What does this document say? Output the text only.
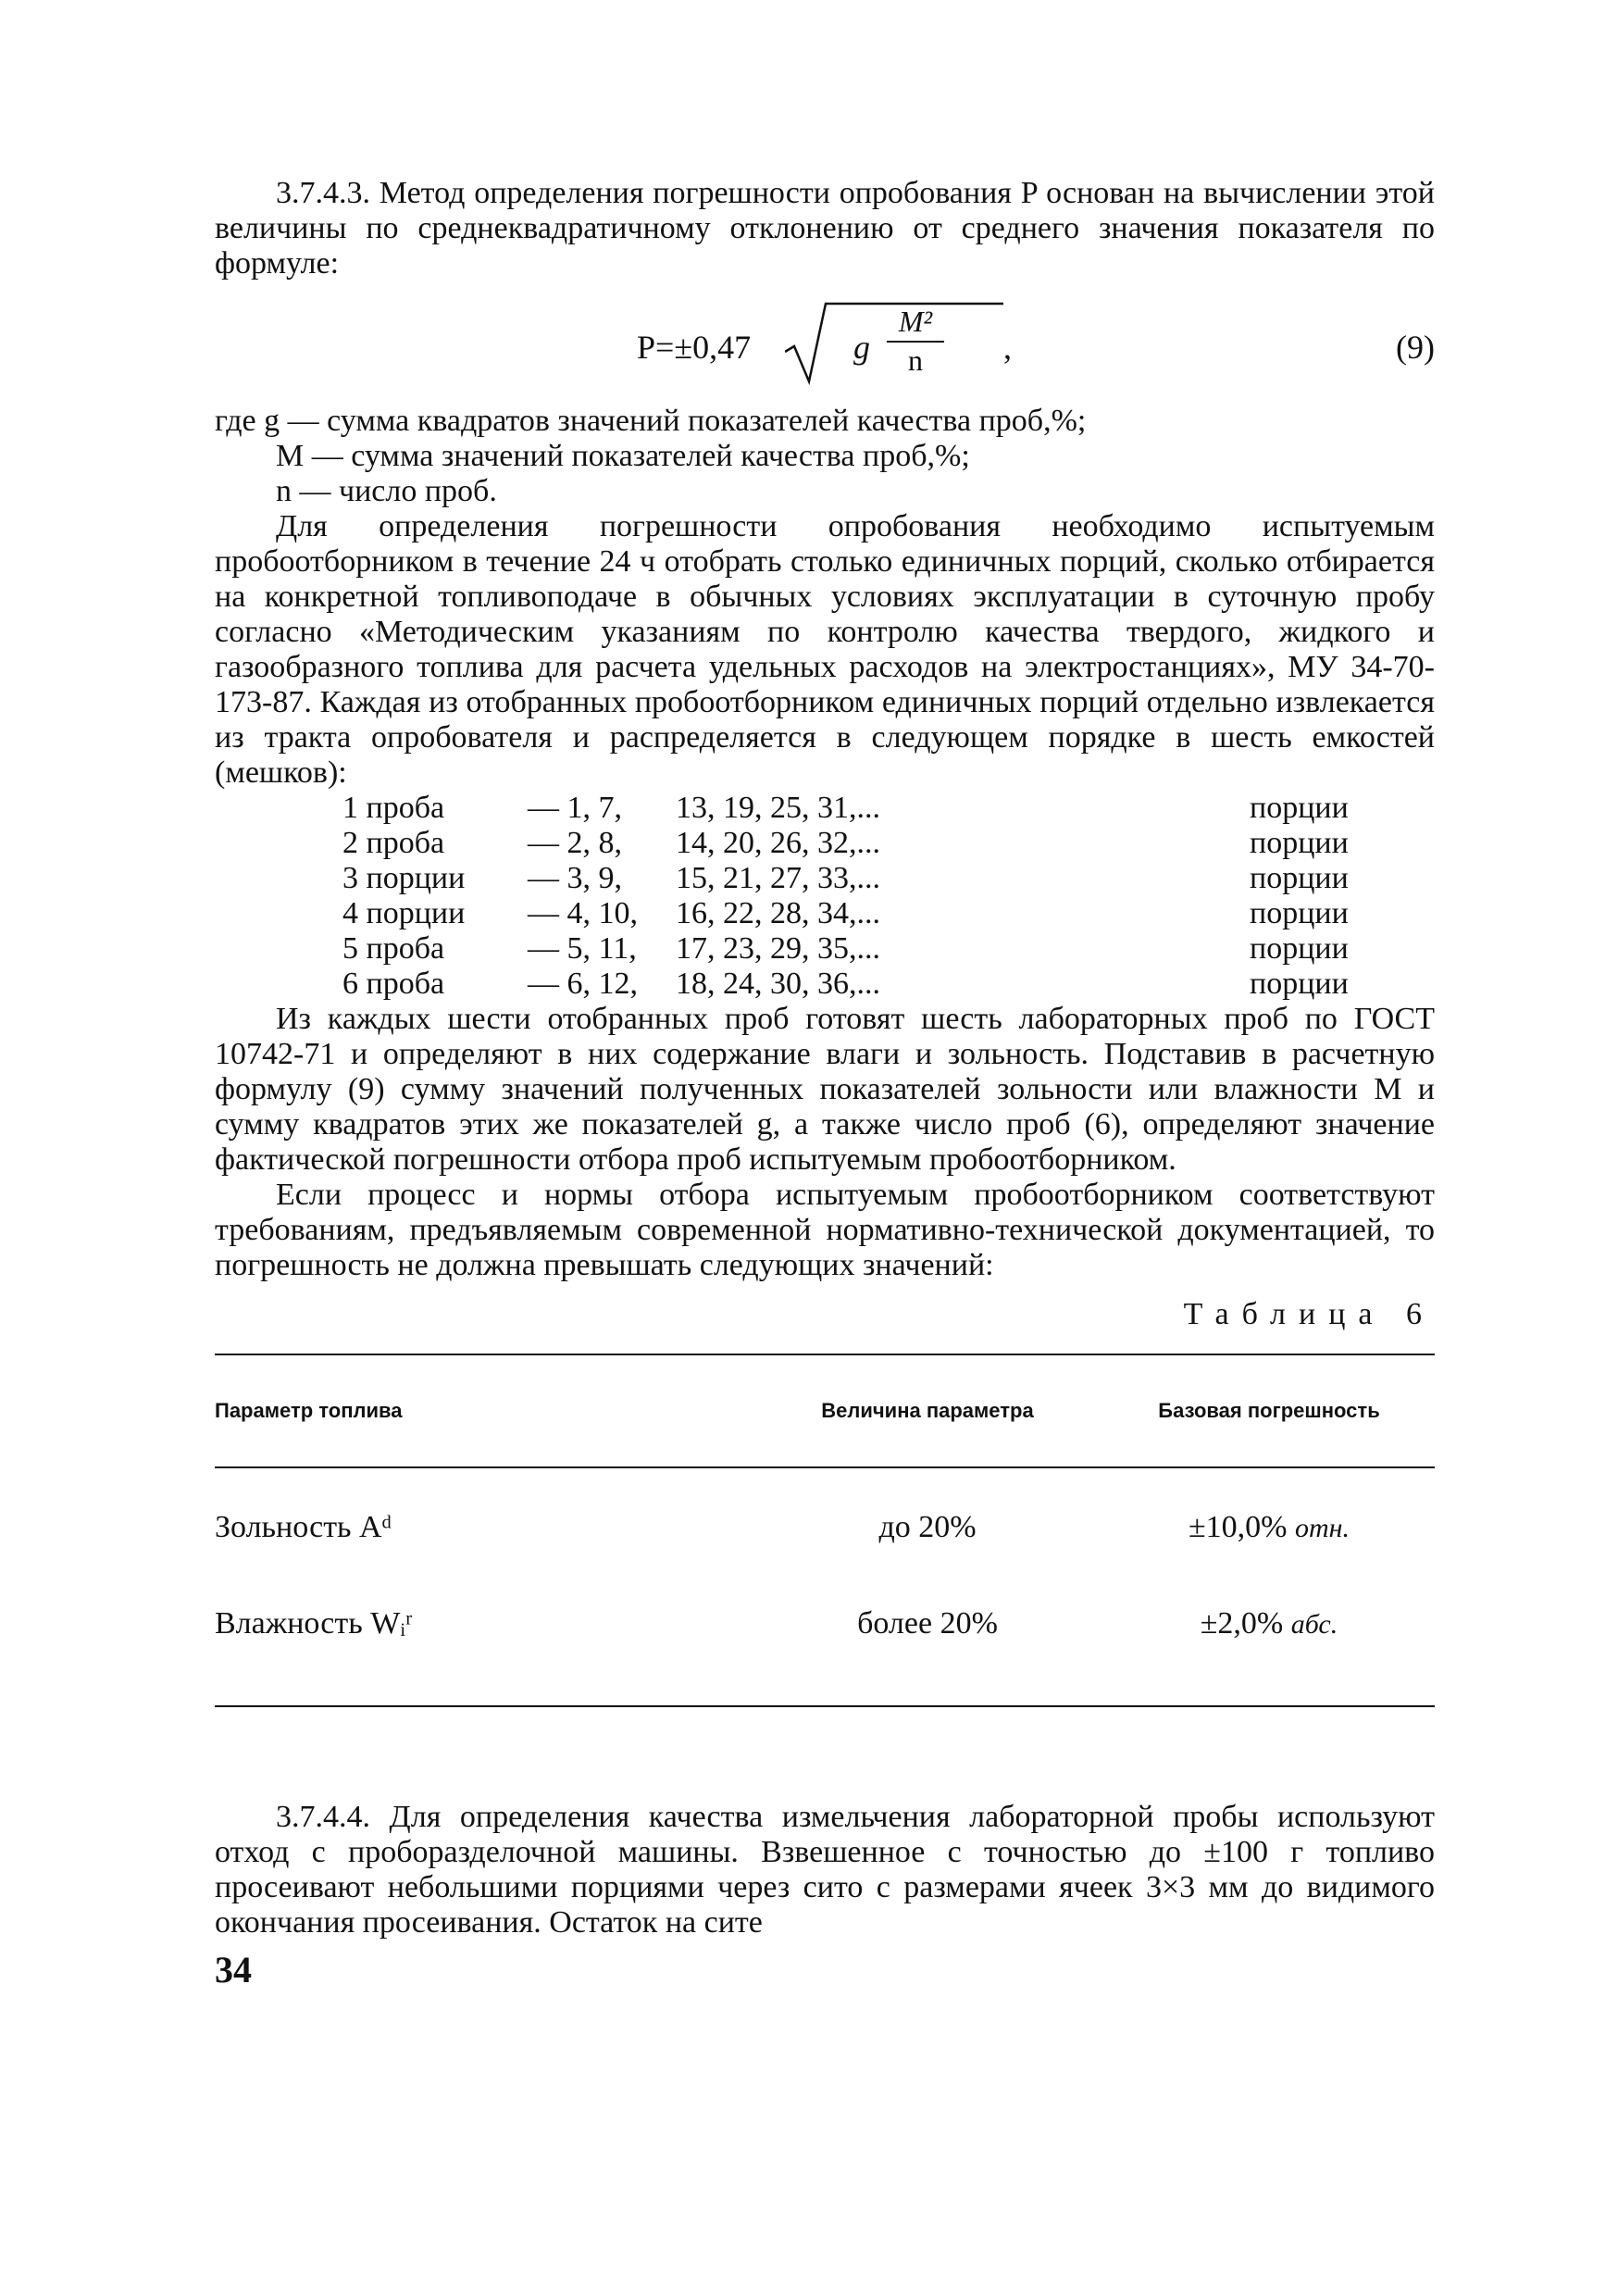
3.7.4.3. Метод определения погрешности опробования P основан на вычислении этой величины по среднеквадратичному отклонению от среднего значения показателя по формуле:

P=±0,47	g
M²
n	,	(9)
где g
— сумма квадратов значений показателей качества проб,%;
M
— сумма значений показателей качества проб,%;
n
— число проб.

Для определения погрешности опробования необходимо испытуемым пробоотборником в течение 24 ч отобрать столько единичных порций, сколько отбирается на конкретной топливоподаче в обычных условиях эксплуатации в суточную пробу согласно «Методическим указаниям по контролю качества твердого, жидкого и газообразного топлива для расчета удельных расходов на электростанциях», МУ 34-70-173-87. Каждая из отобранных пробоотборником единичных порций отдельно извлекается из тракта опробователя и распределяется в следующем порядке в шесть емкостей (мешков):

1 проба	— 1, 7,	13, 19, 25, 31,...	порции
2 проба	— 2, 8,	14, 20, 26, 32,...	порции
3 порции	— 3, 9,	15, 21, 27, 33,...	порции
4 порции	— 4, 10,	16, 22, 28, 34,...	порции
5 проба	— 5, 11,	17, 23, 29, 35,...	порции
6 проба	— 6, 12,	18, 24, 30, 36,...	порции

Из каждых шести отобранных проб готовят шесть лабораторных проб по ГОСТ 10742-71 и определяют в них содержание влаги и зольность. Подставив в расчетную формулу (9) сумму значений полученных показателей зольности или влажности M и сумму квадратов этих же показателей g, а также число проб (6), определяют значение фактической погрешности отбора проб испытуемым пробоотборником.

Если процесс и нормы отбора испытуемым пробоотборником соответствуют требованиям, предъявляемым современной нормативно-технической документацией, то погрешность не должна превышать следующих значений:

Таблица 6
Параметр топлива	Величина параметра	Базовая погрешность
Зольность Aᵈ	до 20%	±10,0% отн.
Влажность Wᵢʳ	более 20%	±2,0% абс.

3.7.4.4. Для определения качества измельчения лабораторной пробы используют отход с пробоpазделочной машины. Взвешенное с точностью до ±100 г топливо просеивают небольшими порциями через сито с размерами ячеек 3×3 мм до видимого окончания просеивания. Остаток на сите

34
